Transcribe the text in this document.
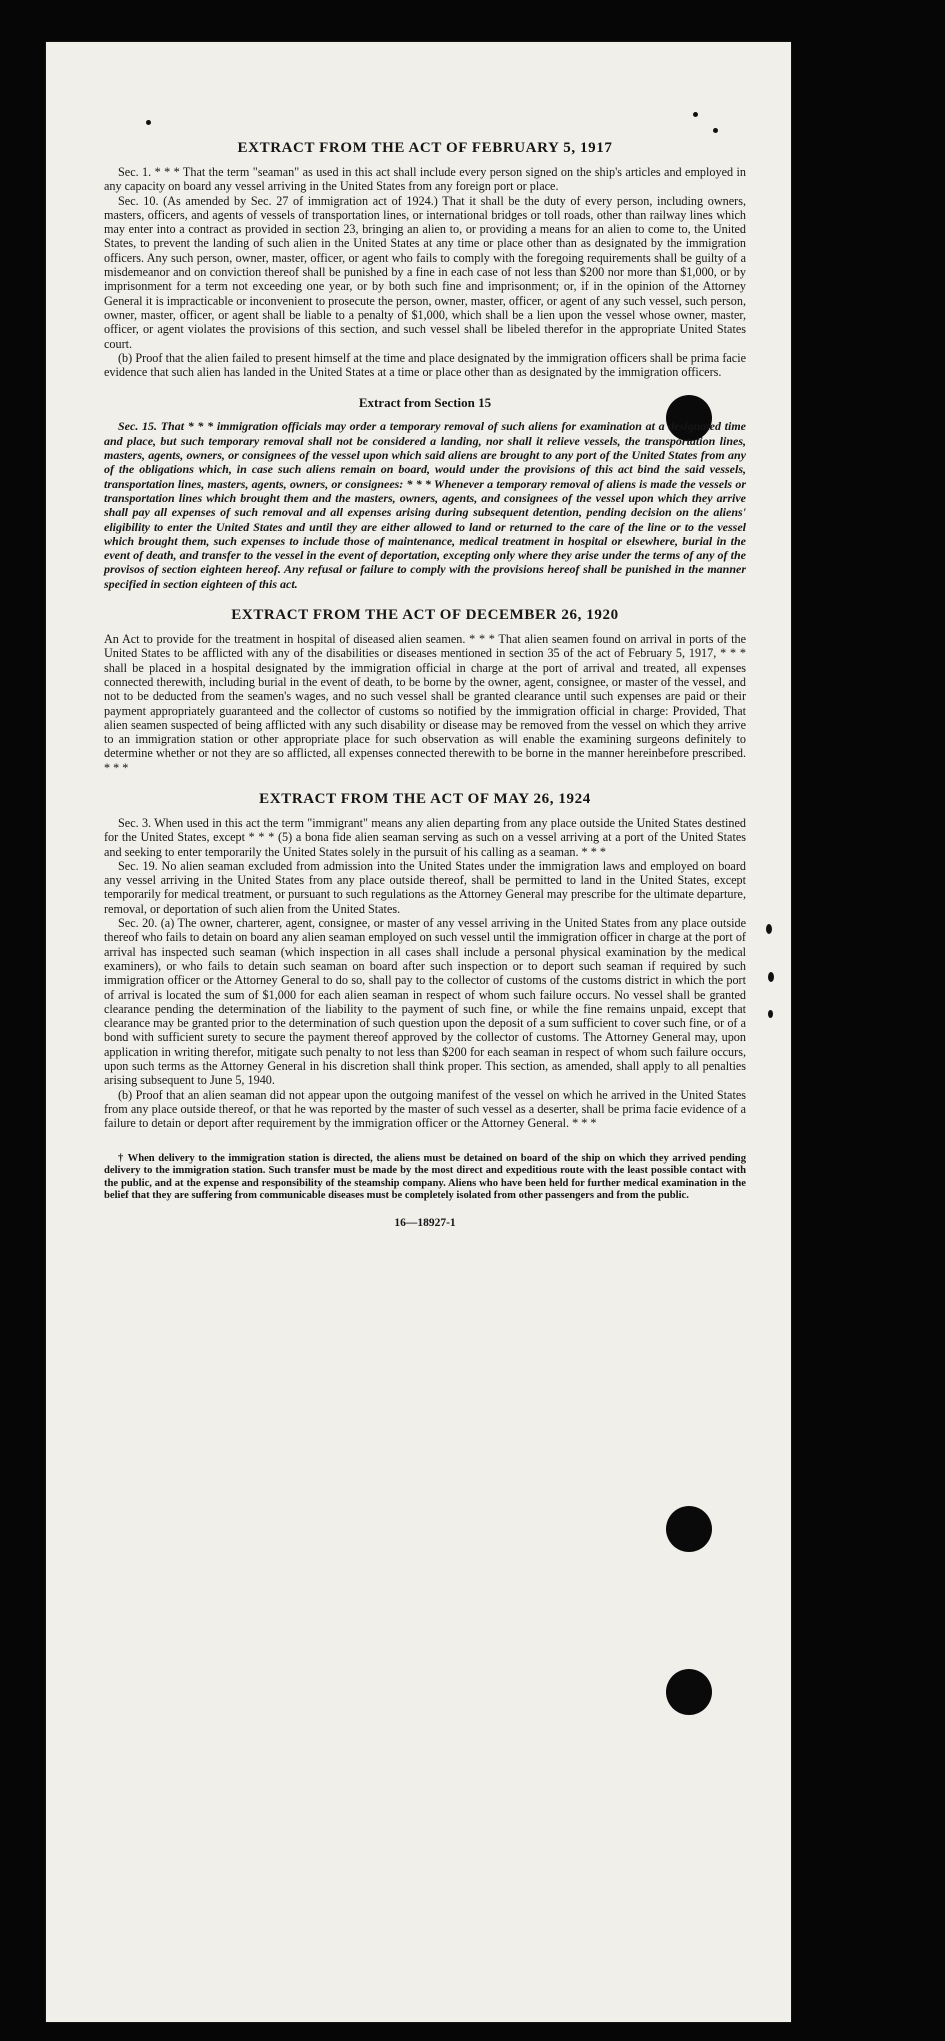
EXTRACT FROM THE ACT OF FEBRUARY 5, 1917

Sec. 1. * * * That the term "seaman" as used in this act shall include every person signed on the ship's articles and employed in any capacity on board any vessel arriving in the United States from any foreign port or place.

Sec. 10. (As amended by Sec. 27 of immigration act of 1924.) That it shall be the duty of every person, including owners, masters, officers, and agents of vessels of transportation lines, or international bridges or toll roads, other than railway lines which may enter into a contract as provided in section 23, bringing an alien to, or providing a means for an alien to come to, the United States, to prevent the landing of such alien in the United States at any time or place other than as designated by the immigration officers. Any such person, owner, master, officer, or agent who fails to comply with the foregoing requirements shall be guilty of a misdemeanor and on conviction thereof shall be punished by a fine in each case of not less than $200 nor more than $1,000, or by imprisonment for a term not exceeding one year, or by both such fine and imprisonment; or, if in the opinion of the Attorney General it is impracticable or inconvenient to prosecute the person, owner, master, officer, or agent of any such vessel, such person, owner, master, officer, or agent shall be liable to a penalty of $1,000, which shall be a lien upon the vessel whose owner, master, officer, or agent violates the provisions of this section, and such vessel shall be libeled therefor in the appropriate United States court.

(b) Proof that the alien failed to present himself at the time and place designated by the immigration officers shall be prima facie evidence that such alien has landed in the United States at a time or place other than as designated by the immigration officers.

Extract from Section 15

Sec. 15. That * * * immigration officials may order a temporary removal of such aliens for examination at a designated time and place, but such temporary removal shall not be considered a landing, nor shall it relieve vessels, the transportation lines, masters, agents, owners, or consignees of the vessel upon which said aliens are brought to any port of the United States from any of the obligations which, in case such aliens remain on board, would under the provisions of this act bind the said vessels, transportation lines, masters, agents, owners, or consignees: * * * Whenever a temporary removal of aliens is made the vessels or transportation lines which brought them and the masters, owners, agents, and consignees of the vessel upon which they arrive shall pay all expenses of such removal and all expenses arising during subsequent detention, pending decision on the aliens' eligibility to enter the United States and until they are either allowed to land or returned to the care of the line or to the vessel which brought them, such expenses to include those of maintenance, medical treatment in hospital or elsewhere, burial in the event of death, and transfer to the vessel in the event of deportation, excepting only where they arise under the terms of any of the provisos of section eighteen hereof. Any refusal or failure to comply with the provisions hereof shall be punished in the manner specified in section eighteen of this act.

EXTRACT FROM THE ACT OF DECEMBER 26, 1920

An Act to provide for the treatment in hospital of diseased alien seamen. * * * That alien seamen found on arrival in ports of the United States to be afflicted with any of the disabilities or diseases mentioned in section 35 of the act of February 5, 1917, * * * shall be placed in a hospital designated by the immigration official in charge at the port of arrival and treated, all expenses connected therewith, including burial in the event of death, to be borne by the owner, agent, consignee, or master of the vessel, and not to be deducted from the seamen's wages, and no such vessel shall be granted clearance until such expenses are paid or their payment appropriately guaranteed and the collector of customs so notified by the immigration official in charge: Provided, That alien seamen suspected of being afflicted with any such disability or disease may be removed from the vessel on which they arrive to an immigration station or other appropriate place for such observation as will enable the examining surgeons definitely to determine whether or not they are so afflicted, all expenses connected therewith to be borne in the manner hereinbefore prescribed. * * *

EXTRACT FROM THE ACT OF MAY 26, 1924

Sec. 3. When used in this act the term "immigrant" means any alien departing from any place outside the United States destined for the United States, except * * * (5) a bona fide alien seaman serving as such on a vessel arriving at a port of the United States and seeking to enter temporarily the United States solely in the pursuit of his calling as a seaman. * * *

Sec. 19. No alien seaman excluded from admission into the United States under the immigration laws and employed on board any vessel arriving in the United States from any place outside thereof, shall be permitted to land in the United States, except temporarily for medical treatment, or pursuant to such regulations as the Attorney General may prescribe for the ultimate departure, removal, or deportation of such alien from the United States.

Sec. 20. (a) The owner, charterer, agent, consignee, or master of any vessel arriving in the United States from any place outside thereof who fails to detain on board any alien seaman employed on such vessel until the immigration officer in charge at the port of arrival has inspected such seaman (which inspection in all cases shall include a personal physical examination by the medical examiners), or who fails to detain such seaman on board after such inspection or to deport such seaman if required by such immigration officer or the Attorney General to do so, shall pay to the collector of customs of the customs district in which the port of arrival is located the sum of $1,000 for each alien seaman in respect of whom such failure occurs. No vessel shall be granted clearance pending the determination of the liability to the payment of such fine, or while the fine remains unpaid, except that clearance may be granted prior to the determination of such question upon the deposit of a sum sufficient to cover such fine, or of a bond with sufficient surety to secure the payment thereof approved by the collector of customs. The Attorney General may, upon application in writing therefor, mitigate such penalty to not less than $200 for each seaman in respect of whom such failure occurs, upon such terms as the Attorney General in his discretion shall think proper. This section, as amended, shall apply to all penalties arising subsequent to June 5, 1940.

(b) Proof that an alien seaman did not appear upon the outgoing manifest of the vessel on which he arrived in the United States from any place outside thereof, or that he was reported by the master of such vessel as a deserter, shall be prima facie evidence of a failure to detain or deport after requirement by the immigration officer or the Attorney General. * * *

† When delivery to the immigration station is directed, the aliens must be detained on board of the ship on which they arrived pending delivery to the immigration station. Such transfer must be made by the most direct and expeditious route with the least possible contact with the public, and at the expense and responsibility of the steamship company. Aliens who have been held for further medical examination in the belief that they are suffering from communicable diseases must be completely isolated from other passengers and from the public.

16—18927-1
